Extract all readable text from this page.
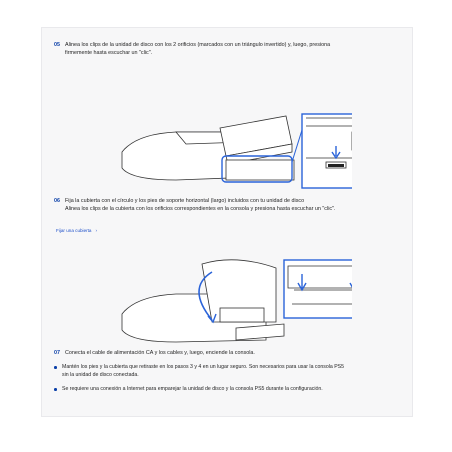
05 Alinea los clips de la unidad de disco con los 2 orificios (marcados con un triángulo invertido) y, luego, presiona
firmemente hasta escuchar un "clic".
06 Fija la cubierta con el círculo y los pies de soporte horizontal (largo) incluidos con tu unidad de disco
Alinea los clips de la cubierta con los orificios correspondientes en la consola y presiona hasta escuchar un "clic".
Fijar una cubierta ›
07 Conecta el cable de alimentación CA y los cables y, luego, enciende la consola.
Mantén los pies y la cubierta que retiraste en los pasos 3 y 4 en un lugar seguro. Son necesarios para usar la consola PS5
sin la unidad de disco conectada.
Se requiere una conexión a Internet para emparejar la unidad de disco y la consola PS5 durante la configuración.
